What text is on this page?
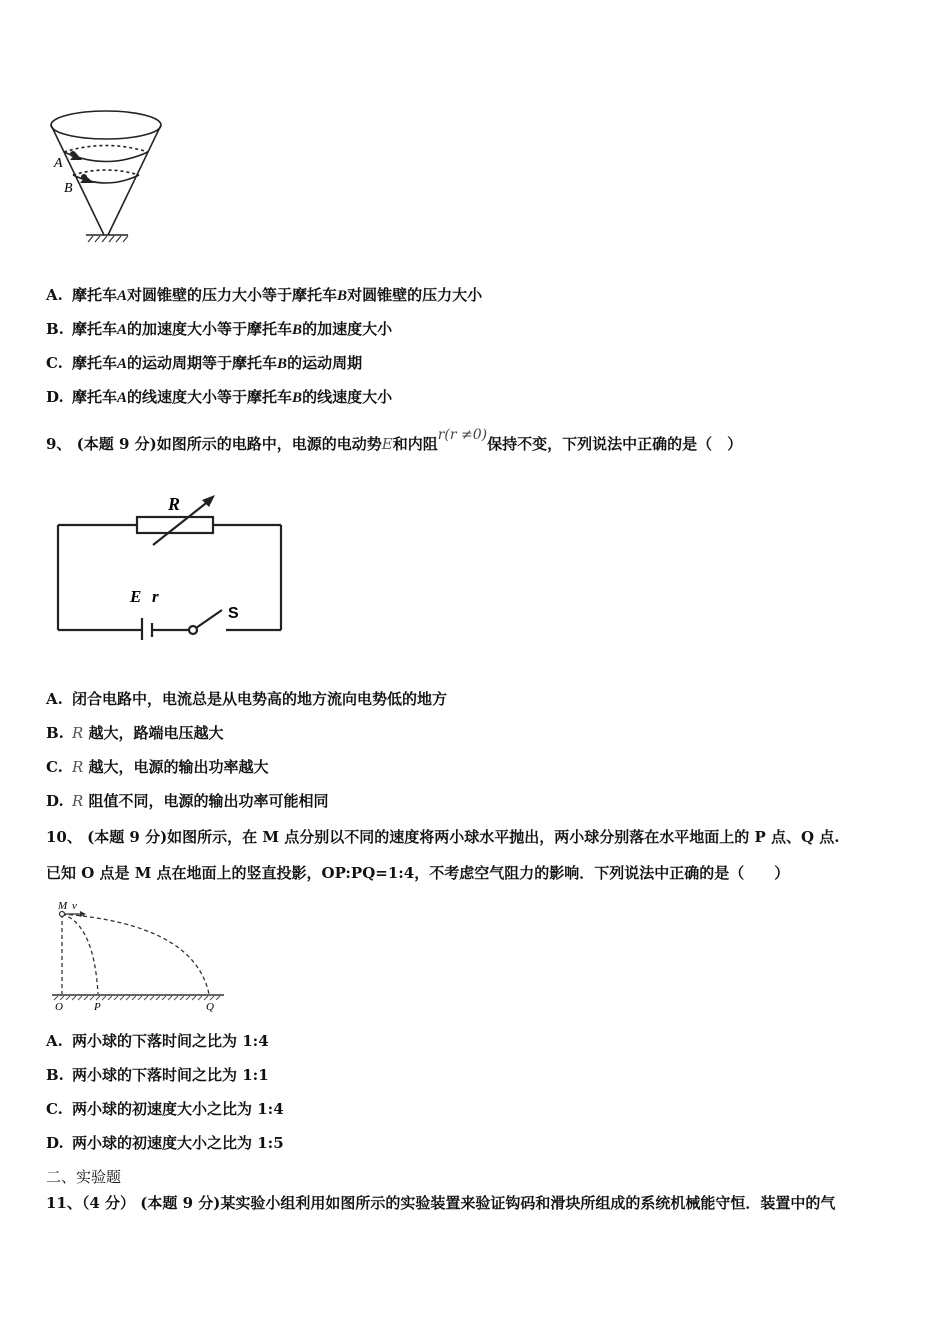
A
B
A. 摩托车A对圆锥壁的压力大小等于摩托车B对圆锥壁的压力大小
B. 摩托车A的加速度大小等于摩托车B的加速度大小
C. 摩托车A的运动周期等于摩托车B的运动周期
D. 摩托车A的线速度大小等于摩托车B的线速度大小
9、 (本题 9 分)如图所示的电路中，电源的电动势E和内阻r(r ≠0)保持不变，下列说法中正确的是（　）
R
E r
S
A. 闭合电路中，电流总是从电势高的地方流向电势低的地方
B. R 越大，路端电压越大
C. R 越大，电源的输出功率越大
D. R 阻值不同，电源的输出功率可能相同
10、 (本题 9 分)如图所示，在 M 点分别以不同的速度将两小球水平抛出，两小球分别落在水平地面上的 P 点、Q 点.
已知 O 点是 M 点在地面上的竖直投影，OP:PQ=1:4，不考虑空气阻力的影响．下列说法中正确的是（　　）
M v
O	P	Q
A. 两小球的下落时间之比为 1:4
B. 两小球的下落时间之比为 1:1
C. 两小球的初速度大小之比为 1:4
D. 两小球的初速度大小之比为 1:5
二、实验题
11、（4 分） (本题 9 分)某实验小组利用如图所示的实验装置来验证钩码和滑块所组成的系统机械能守恒．装置中的气
